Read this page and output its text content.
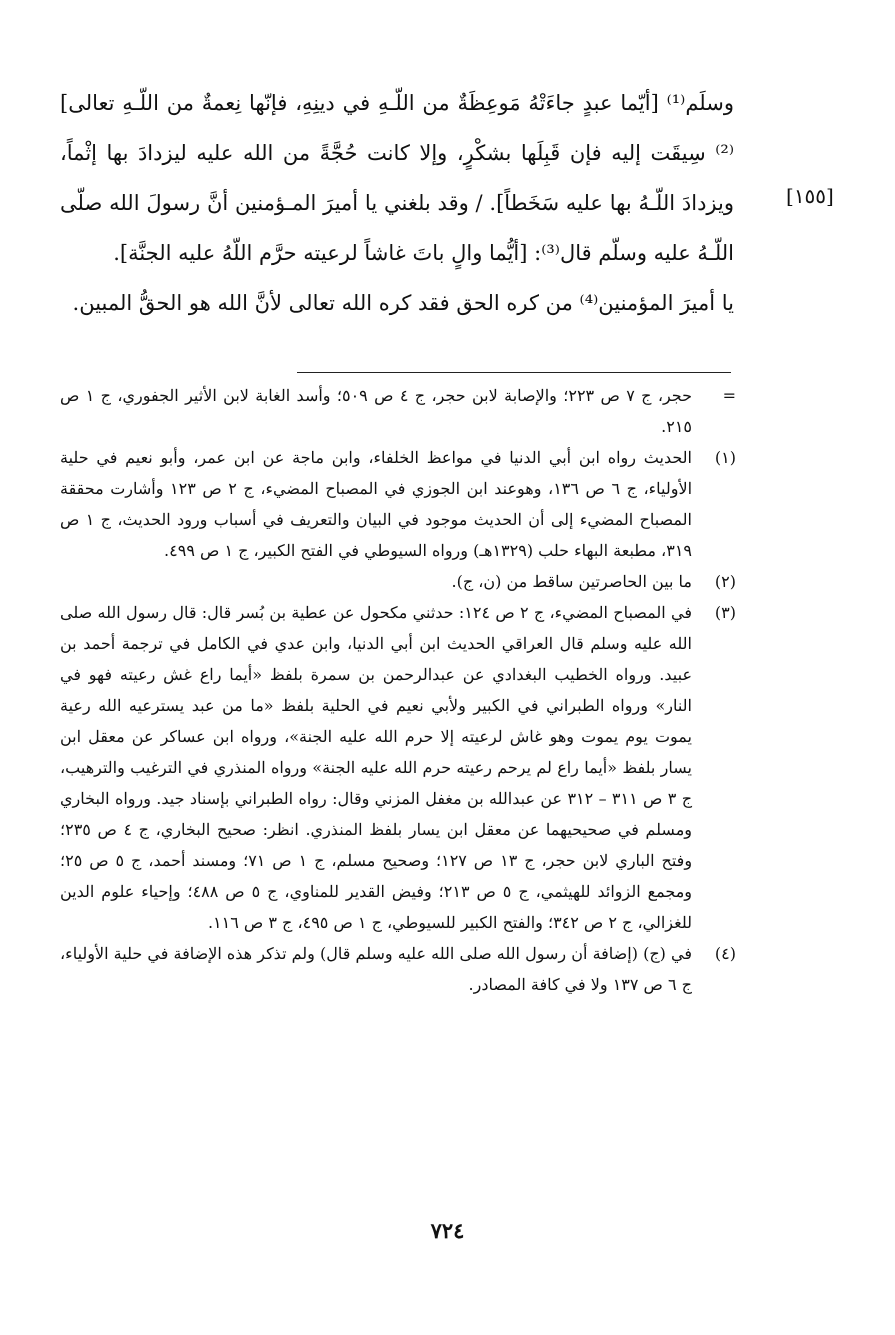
وسلَم⁽¹⁾ [أيّما عبدٍ جاءَتْهُ مَوعِظَةٌ من اللّـهِ في دينِهِ، فإنّها نِعمةٌ من اللّـهِ تعالى]⁽²⁾ سِيقَت إليه فإن قَبِلَها بشكْرٍ، وإلا كانت حُجَّةً من الله عليه ليزدادَ بها إثْماً، ويزدادَ اللّـهُ بها عليه سَخَطاً]. / وقد بلغني يا أميرَ المـؤمنين أنَّ رسولَ الله صلّى اللّـهُ عليه وسلّم قال⁽³⁾: [أيُّما والٍ باتَ غاشاً لرعيته حرَّم اللّهُ عليه الجنَّة].

يا أميرَ المؤمنين⁽⁴⁾ من كره الحق فقد كره الله تعالى لأنَّ الله هو الحقُّ المبين.

[١٥٥]
=
حجر، ج ٧ ص ٢٢٣؛ والإصابة لابن حجر، ج ٤ ص ٥٠٩؛ وأسد الغابة لابن الأثير الجفوري، ج ١ ص ٢١٥.
(١)
الحديث رواه ابن أبي الدنيا في مواعظ الخلفاء، وابن ماجة عن ابن عمر، وأبو نعيم في حلية الأولياء، ج ٦ ص ١٣٦، وهوعند ابن الجوزي في المصباح المضيء، ج ٢ ص ١٢٣ وأشارت محققة المصباح المضيء إلى أن الحديث موجود في البيان والتعريف في أسباب ورود الحديث، ج ١ ص ٣١٩، مطبعة البهاء حلب (١٣٢٩هـ) ورواه السيوطي في الفتح الكبير، ج ١ ص ٤٩٩.
(٢)
ما بين الحاصرتين ساقط من (ن، ج).
(٣)
في المصباح المضيء، ج ٢ ص ١٢٤: حدثني مكحول عن عطية بن بُسر قال: قال رسول الله صلى الله عليه وسلم قال العراقي الحديث ابن أبي الدنيا، وابن عدي في الكامل في ترجمة أحمد بن عبيد. ورواه الخطيب البغدادي عن عبدالرحمن بن سمرة بلفظ «أيما راع غش رعيته فهو في النار» ورواه الطبراني في الكبير ولأبي نعيم في الحلية بلفظ «ما من عبد يسترعيه الله رعية يموت يوم يموت وهو غاش لرعيته إلا حرم الله عليه الجنة»، ورواه ابن عساكر عن معقل ابن يسار بلفظ «أيما راع لم يرحم رعيته حرم الله عليه الجنة» ورواه المنذري في الترغيب والترهيب، ج ٣ ص ٣١١ – ٣١٢ عن عبدالله بن مغفل المزني وقال: رواه الطبراني بإسناد جيد. ورواه البخاري ومسلم في صحيحيهما عن معقل ابن يسار بلفظ المنذري. انظر: صحيح البخاري، ج ٤ ص ٢٣٥؛ وفتح الباري لابن حجر، ج ١٣ ص ١٢٧؛ وصحيح مسلم، ج ١ ص ٧١؛ ومسند أحمد، ج ٥ ص ٢٥؛ ومجمع الزوائد للهيثمي، ج ٥ ص ٢١٣؛ وفيض القدير للمناوي، ج ٥ ص ٤٨٨؛ وإحياء علوم الدين للغزالي، ج ٢ ص ٣٤٢؛ والفتح الكبير للسيوطي، ج ١ ص ٤٩٥، ج ٣ ص ١١٦.
(٤)
في (ج) (إضافة أن رسول الله صلى الله عليه وسلم قال) ولم تذكر هذه الإضافة في حلية الأولياء، ج ٦ ص ١٣٧ ولا في كافة المصادر.
٧٢٤
